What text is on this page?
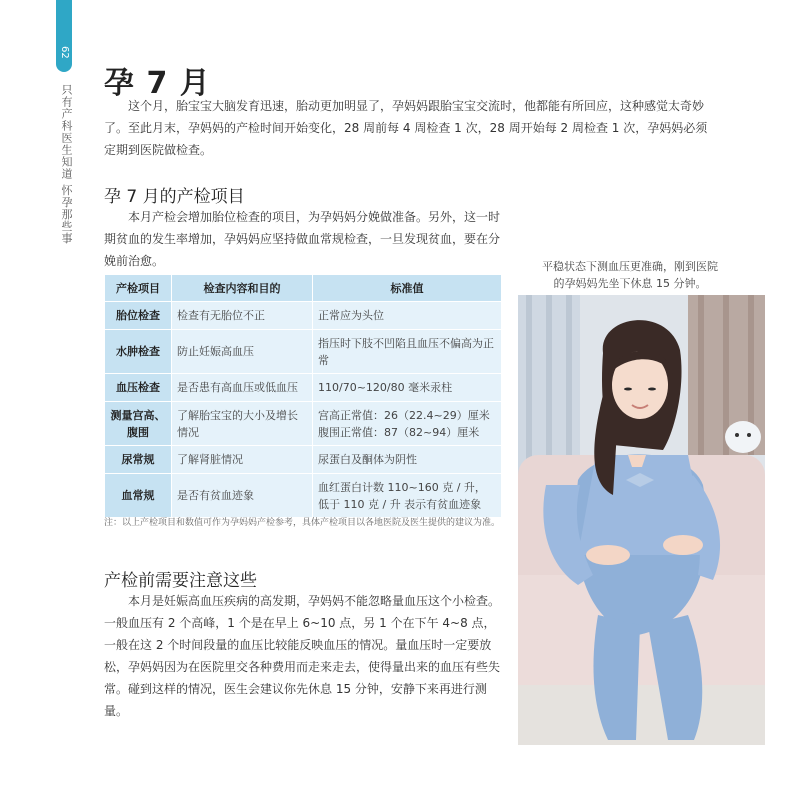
62
只有产科医生知道 怀孕那些事
孕 7 月

这个月，胎宝宝大脑发育迅速，胎动更加明显了，孕妈妈跟胎宝宝交流时，他都能有所回应，这种感觉太奇妙了。 至此月末，孕妈妈的产检时间开始变化，28 周前每 4 周检查 1 次，28 周开始每 2 周检查 1 次，孕妈妈必须定期到医院做检查。

孕 7 月的产检项目

本月产检会增加胎位检查的项目，为孕妈妈分娩做准备。另外，这一时期贫血的发生率增加，孕妈妈应坚持做血常规检查，一旦发现贫血，要在分娩前治愈。

产检项目	检查内容和目的	标准值
胎位检查	检查有无胎位不正	正常应为头位
水肿检查	防止妊娠高血压	指压时下肢不凹陷且血压不偏高为正常
血压检查	是否患有高血压或低血压	110/70~120/80 毫米汞柱
测量宫高、腹围	了解胎宝宝的大小及增长情况	宫高正常值：26（22.4~29）厘米
腹围正常值：87（82~94）厘米

尿常规	了解肾脏情况	尿蛋白及酮体为阴性
血常规	是否有贫血迹象	血红蛋白计数 110~160 克 / 升，低于 110 克 / 升 表示有贫血迹象
注：以上产检项目和数值可作为孕妈妈产检参考，具体产检项目以各地医院及医生提供的建议为准。
产检前需要注意这些

本月是妊娠高血压疾病的高发期，孕妈妈不能忽略量血压这个小检查。一般血压有 2 个高峰，1 个是在早上 6~10 点，另 1 个在下午 4~8 点，一般在这 2 个时间段量的血压比较能反映血压的情况。量血压时一定要放松，孕妈妈因为在医院里交各种费用而走来走去，使得量出来的血压有些失常。碰到这样的情况，医生会建议你先休息 15 分钟，安静下来再进行测量。

平稳状态下测血压更准确，刚到医院的孕妈妈先坐下休息 15 分钟。
